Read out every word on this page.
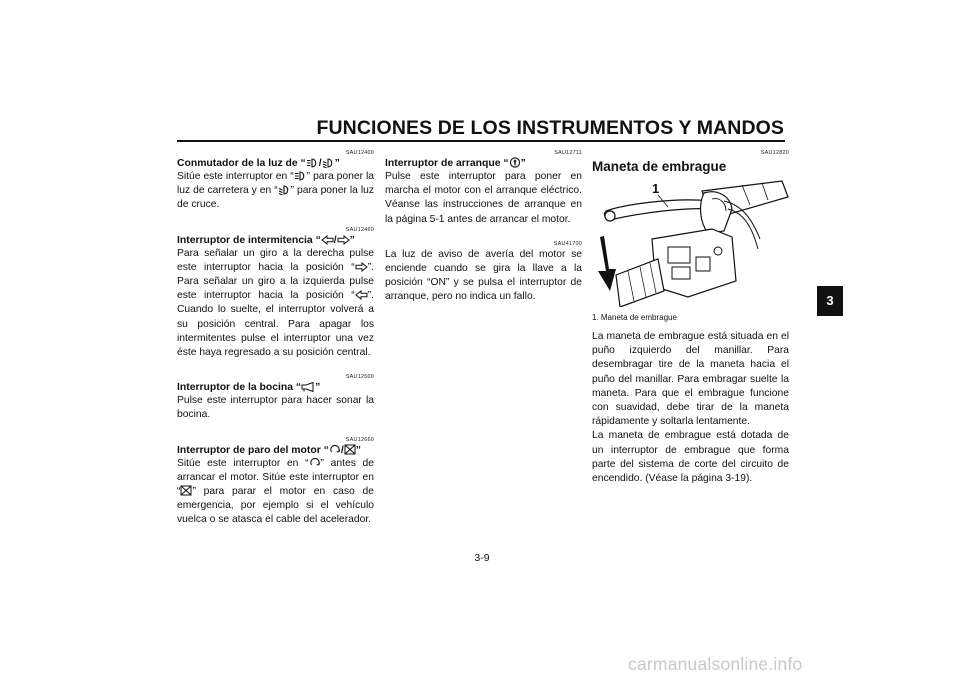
FUNCIONES DE LOS INSTRUMENTOS Y MANDOS
3
SAU12400
Conmutador de la luz de “ / ”
Sitúe este interruptor en “ ” para poner la luz de carretera y en “ ” para poner la luz de cruce.
SAU12460
Interruptor de intermitencia “ / ”
Para señalar un giro a la derecha pulse este interruptor hacia la posición “ ”. Para señalar un giro a la izquierda pulse este interruptor hacia la posición “ ”. Cuando lo suelte, el interruptor volverá a su posición central. Para apagar los intermitentes pulse el interruptor una vez éste haya regresado a su posición central.
SAU12500
Interruptor de la bocina “ ”
Pulse este interruptor para hacer sonar la bocina.
SAU12660
Interruptor de paro del motor “ / ”
Sitúe este interruptor en “ ” antes de arrancar el motor. Sitúe este interruptor en “ ” para parar el motor en caso de emergencia, por ejemplo si el vehículo vuelca o se atasca el cable del acelerador.
SAU12711
Interruptor de arranque “ ”
Pulse este interruptor para poner en marcha el motor con el arranque eléctrico. Véanse las instrucciones de arranque en la página 5-1 antes de arrancar el motor.
SAU41700
La luz de aviso de avería del motor se enciende cuando se gira la llave a la posición “ON” y se pulsa el interruptor de arranque, pero no indica un fallo.
SAU12820
Maneta de embrague
1
1. Maneta de embrague
La maneta de embrague está situada en el puño izquierdo del manillar. Para desembragar tire de la maneta hacia el puño del manillar. Para embragar suelte la maneta. Para que el embrague funcione con suavidad, debe tirar de la maneta rápidamente y soltarla lentamente.
La maneta de embrague está dotada de un interruptor de embrague que forma parte del sistema de corte del circuito de encendido. (Véase la página 3-19).
3-9
carmanualsonline.info
